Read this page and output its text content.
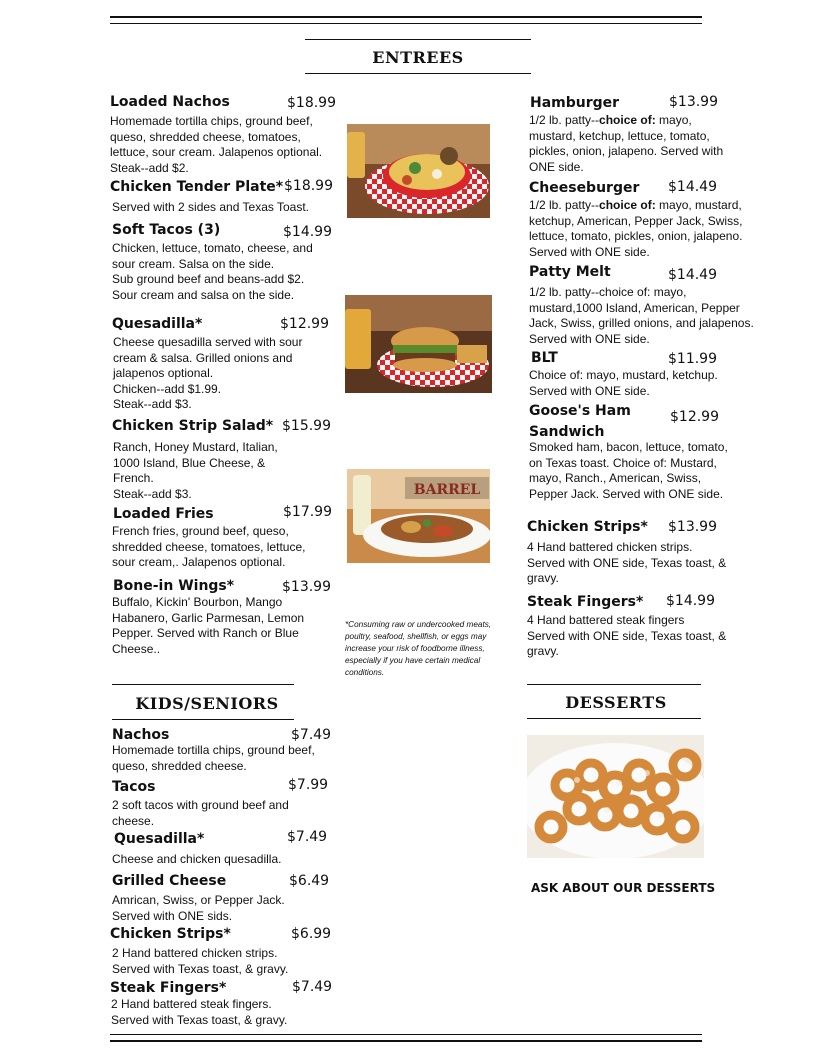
ENTREES
Loaded Nachos	$18.99
Homemade tortilla chips, ground beef, queso, shredded cheese, tomatoes, lettuce, sour cream. Jalapenos optional.
Steak--add $2.
Chicken Tender Plate* $18.99
Served with 2 sides and Texas Toast.
Soft Tacos (3)	$14.99
Chicken, lettuce, tomato, cheese, and sour cream. Salsa on the side.
Sub ground beef and beans-add $2.
Sour cream and salsa on the side.
Quesadilla*	$12.99
Cheese quesadilla served with sour cream & salsa. Grilled onions and jalapenos optional.
Chicken--add $1.99.
Steak--add $3.
Chicken Strip Salad* $15.99
Ranch, Honey Mustard, Italian, 1000 Island, Blue Cheese, & French.
Steak--add $3.
Loaded Fries	$17.99
French fries, ground beef, queso, shredded cheese, tomatoes, lettuce, sour cream,. Jalapenos optional.
Bone-in Wings*	$13.99
Buffalo, Kickin' Bourbon, Mango Habanero, Garlic Parmesan, Lemon Pepper. Served with Ranch or Blue Cheese..
BARREL
*Consuming raw or undercooked meats, poultry, seafood, shellfish, or eggs may increase your risk of foodborne illness, especially if you have certain medical conditions.
Hamburger	$13.99
1/2 lb. patty--choice of: mayo, mustard, ketchup, lettuce, tomato, pickles, onion, jalapeno. Served with ONE side.
Cheeseburger $14.49
1/2 lb. patty--choice of: mayo, mustard, ketchup, American, Pepper Jack, Swiss, lettuce, tomato, pickles, onion, jalapeno. Served with ONE side.
Patty Melt	$14.49
1/2 lb. patty--choice of: mayo, mustard,1000 Island, American, Pepper Jack, Swiss, grilled onions, and jalapenos. Served with ONE side.
BLT	$11.99
Choice of: mayo, mustard, ketchup.
Served with ONE side.
Goose's Ham Sandwich
$12.99
Smoked ham, bacon, lettuce, tomato, on Texas toast. Choice of: Mustard, mayo, Ranch., American, Swiss, Pepper Jack. Served with ONE side.
Chicken Strips* $13.99
4 Hand battered chicken strips.
Served with ONE side, Texas toast, & gravy.
Steak Fingers* $14.99
4 Hand battered steak fingers
Served with ONE side, Texas toast, & gravy.
KIDS/SENIORS
Nachos	$7.49
Homemade tortilla chips, ground beef, queso, shredded cheese.
Tacos	$7.99
2 soft tacos with ground beef and cheese.
Quesadilla*	$7.49
Cheese and chicken quesadilla.
Grilled Cheese	$6.49
Amrican, Swiss, or Pepper Jack.
Served with ONE sids.
Chicken Strips*	$6.99
2 Hand battered chicken strips.
Served with Texas toast, & gravy.
Steak Fingers*	$7.49
2 Hand battered steak fingers.
Served with Texas toast, & gravy.
DESSERTS
ASK ABOUT OUR DESSERTS
